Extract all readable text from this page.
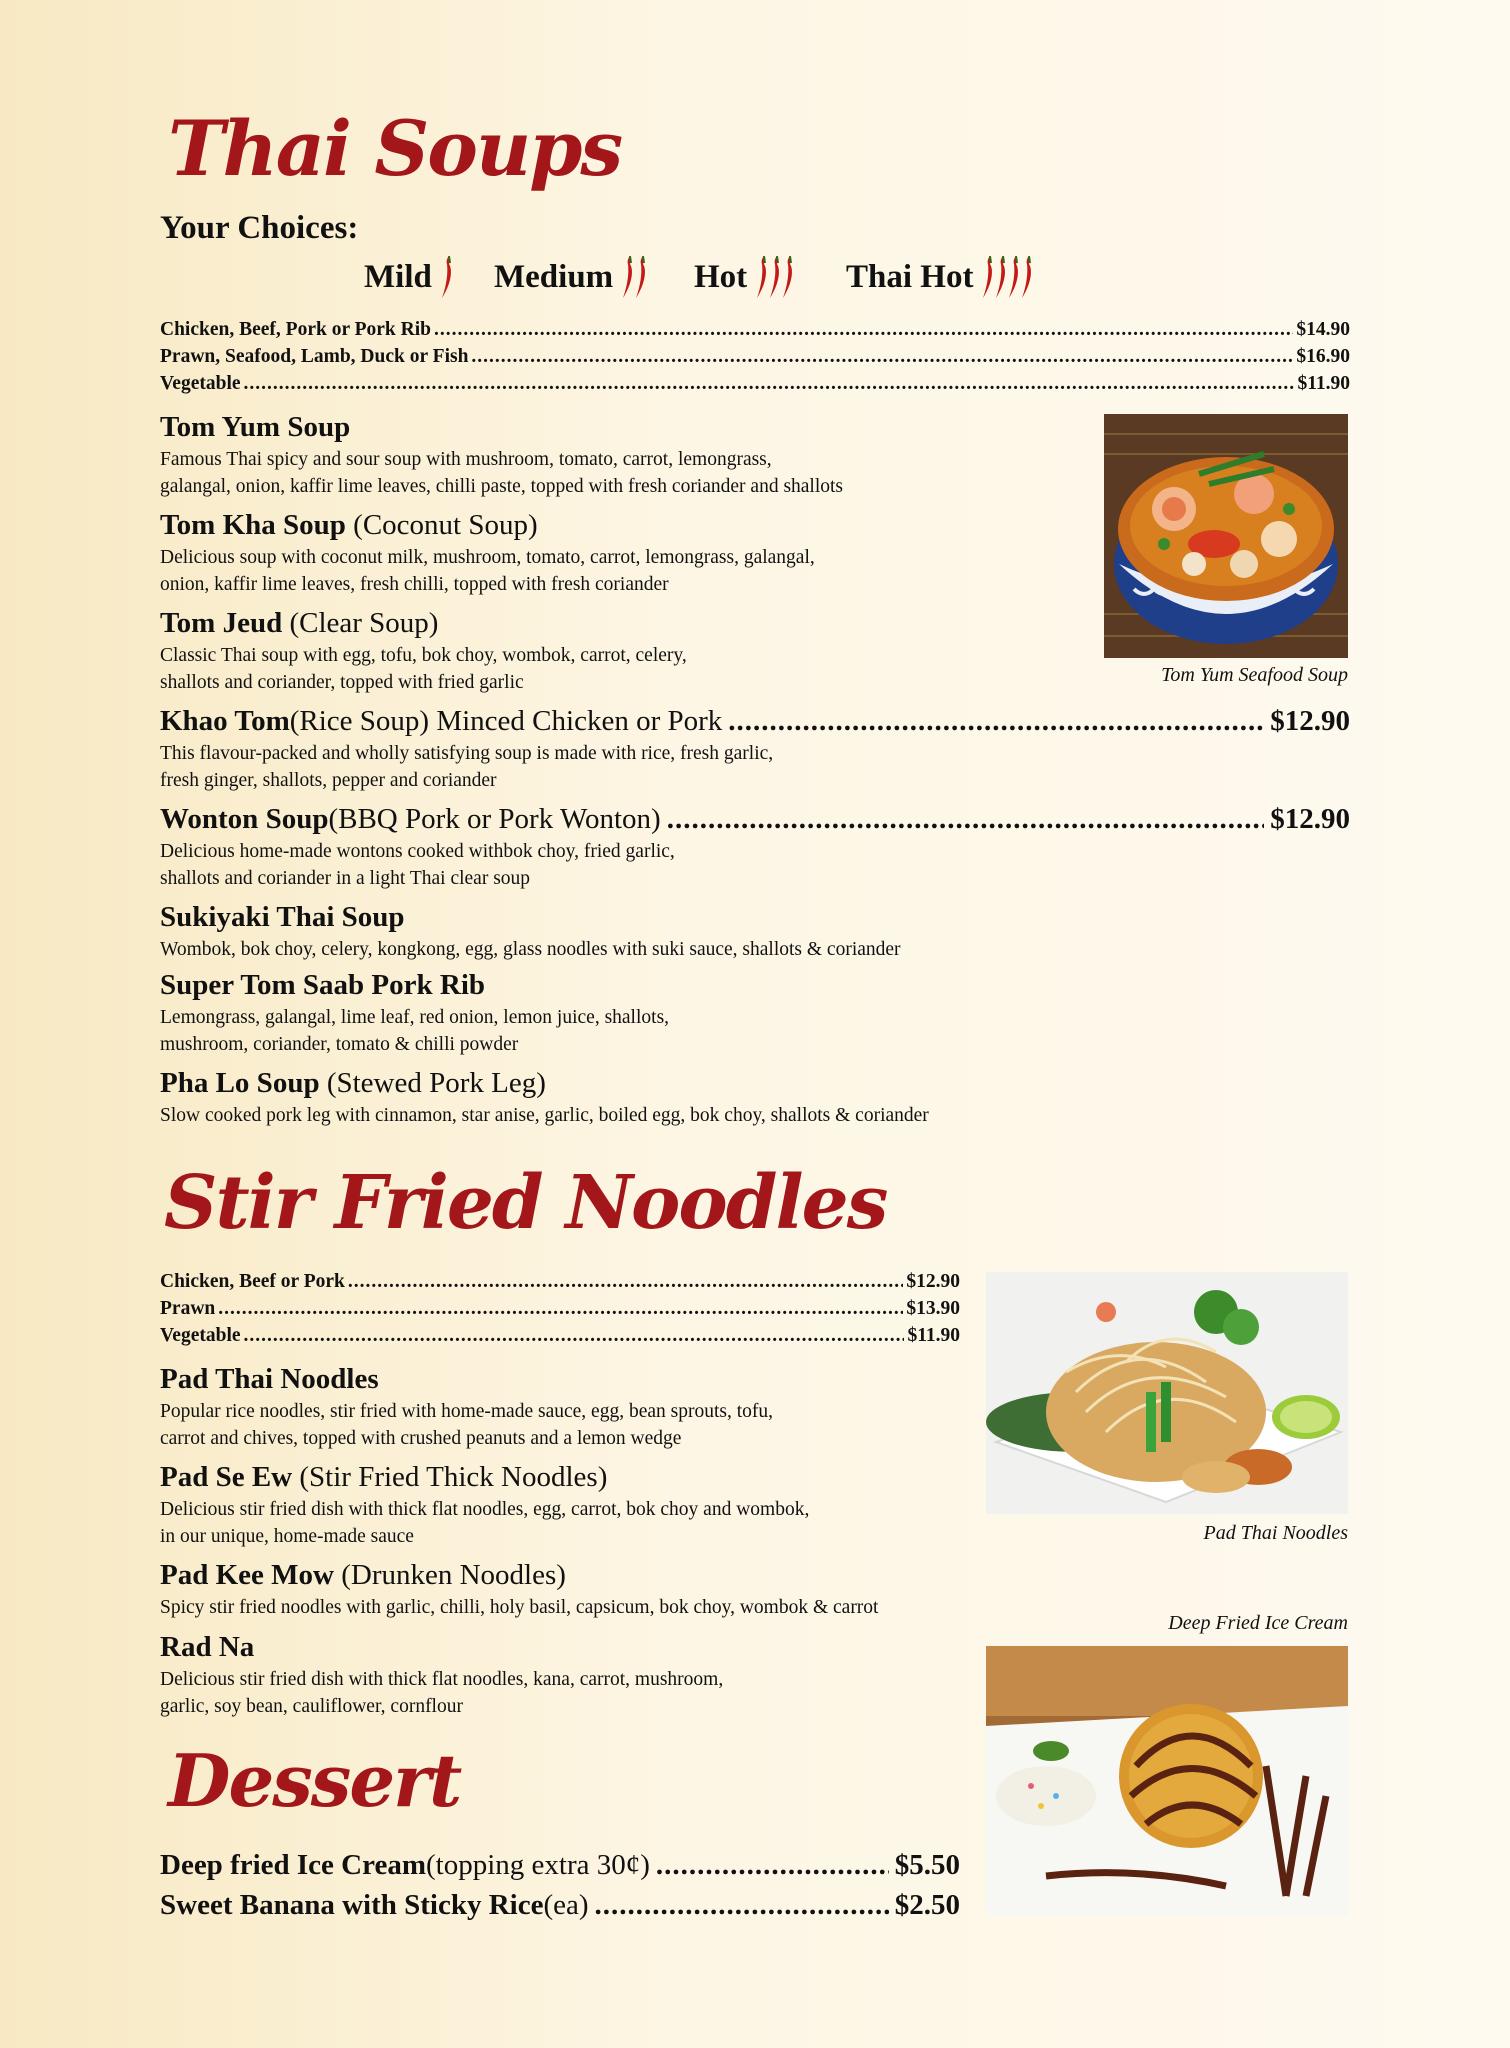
Thai Soups
Your Choices:
Mild Medium Hot	Thai Hot
Chicken, Beef, Pork or Pork Rib .....	$14.90
Prawn, Seafood, Lamb, Duck or Fish .....	$16.90
Vegetable .....	$11.90
Tom Yum Soup
Famous Thai spicy and sour soup with mushroom, tomato, carrot, lemongrass,
galangal, onion, kaffir lime leaves, chilli paste, topped with fresh coriander and shallots
Tom Kha Soup (Coconut Soup)
Delicious soup with coconut milk, mushroom, tomato, carrot, lemongrass, galangal,
onion, kaffir lime leaves, fresh chilli, topped with fresh coriander
Tom Jeud (Clear Soup)
Classic Thai soup with egg, tofu, bok choy, wombok, carrot, celery,
shallots and coriander, topped with fried garlic	Tom Yum Seafood Soup
Khao Tom (Rice Soup) Minced Chicken or Pork .....	$12.90
This flavour-packed and wholly satisfying soup is made with rice, fresh garlic,
fresh ginger, shallots, pepper and coriander
Wonton Soup (BBQ Pork or Pork Wonton) .....	$12.90
Delicious home-made wontons cooked withbok choy, fried garlic,
shallots and coriander in a light Thai clear soup
Sukiyaki Thai Soup
Wombok, bok choy, celery, kongkong, egg, glass noodles with suki sauce, shallots & coriander
Super Tom Saab Pork Rib
Lemongrass, galangal, lime leaf, red onion, lemon juice, shallots,
mushroom, coriander, tomato & chilli powder
Pha Lo Soup (Stewed Pork Leg)
Slow cooked pork leg with cinnamon, star anise, garlic, boiled egg, bok choy, shallots & coriander
Stir Fried Noodles
Chicken, Beef or Pork .....	$12.90
Prawn .....	$13.90
Vegetable .....	$11.90
Pad Thai Noodles
Popular rice noodles, stir fried with home-made sauce, egg, bean sprouts, tofu,
carrot and chives, topped with crushed peanuts and a lemon wedge
Pad Se Ew (Stir Fried Thick Noodles)
Delicious stir fried dish with thick flat noodles, egg, carrot, bok choy and wombok,
in our unique, home-made sauce
Pad Kee Mow (Drunken Noodles)
Spicy stir fried noodles with garlic, chilli, holy basil, capsicum, bok choy, wombok & carrot
Rad Na
Delicious stir fried dish with thick flat noodles, kana, carrot, mushroom,
garlic, soy bean, cauliflower, cornflour
Pad Thai Noodles
Dessert
Deep fried Ice Cream (topping extra 30¢) .....	$5.50
Sweet Banana with Sticky Rice (ea) .....	$2.50
Deep Fried Ice Cream
